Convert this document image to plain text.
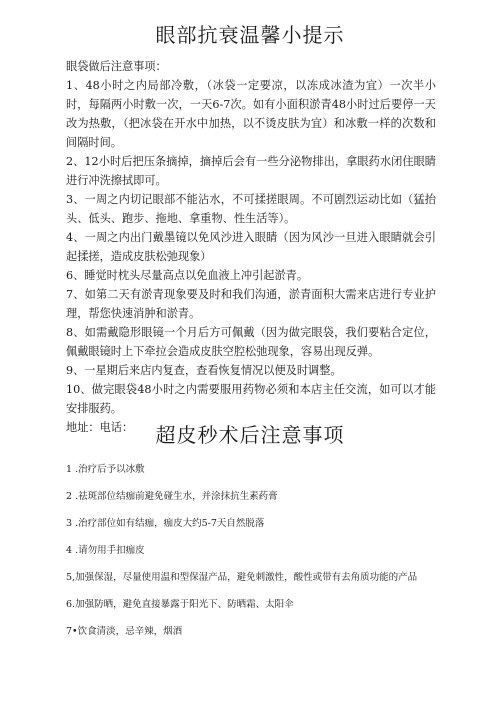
眼部抗衰温馨小提示

眼袋做后注意事项：

1、48小时之内局部冷敷，（冰袋一定要凉，以冻成冰渣为宜）一次半小时，每隔两小时敷一次，一天6-7次。如有小面积淤青48小时过后要停一天改为热敷，（把冰袋在开水中加热，以不烫皮肤为宜）和冰敷一样的次数和间隔时间。

2、12小时后把压条摘掉，摘掉后会有一些分泌物排出，拿眼药水闭住眼睛进行冲洗擦拭即可。

3、一周之内切记眼部不能沾水，不可揉搓眼周。不可剧烈运动比如（猛抬头、低头、跑步、拖地、拿重物、性生活等）。

4、一周之内出门戴墨镜以免风沙进入眼睛（因为风沙一旦进入眼睛就会引起揉搓，造成皮肤松弛现象）

6、睡觉时枕头尽量高点以免血液上冲引起淤青。

7、如第二天有淤青现象要及时和我们沟通，淤青面积大需来店进行专业护理，帮您快速消肿和淤青。

8、如需戴隐形眼镜一个月后方可佩戴（因为做完眼袋，我们要粘合定位，佩戴眼镜时上下牵拉会造成皮肤空腔松弛现象，容易出现反弹。

9、一星期后来店内复查，查看恢复情况以便及时调整。

10、做完眼袋48小时之内需要服用药物必须和本店主任交流，如可以才能安排服药。

地址：电话：	超皮秒术后注意事项

1 .治疗后予以冰敷

2 .祛斑部位结痂前避免碰生水，并涂抹抗生素药膏

3 .治疗部位如有结痂，痂皮大约5-7天自然脱落

4 .请勿用手扣痂皮

5,加强保湿，尽量使用温和型保湿产品，避免刺激性，酸性或带有去角质功能的产品

6.加强防晒，避免直接暴露于阳光下、防晒霜、太阳伞

7•饮食清淡，忌辛辣，烟酒
